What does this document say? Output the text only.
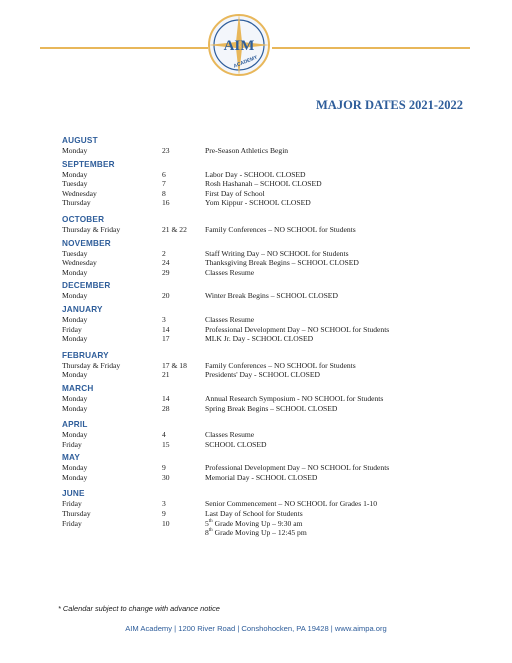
AIM
ACADEMY
MAJOR DATES 2021-2022
AUGUST
Monday	23	Pre-Season Athletics Begin
SEPTEMBER
Monday	6	Labor Day - SCHOOL CLOSED
Tuesday	7	Rosh Hashanah – SCHOOL CLOSED
Wednesday	8	First Day of School
Thursday	16	Yom Kippur - SCHOOL CLOSED
OCTOBER
Thursday & Friday	21 & 22 Family Conferences – NO SCHOOL for Students
NOVEMBER
Tuesday	2	Staff Writing Day – NO SCHOOL for Students
Wednesday	24	Thanksgiving Break Begins – SCHOOL CLOSED
Monday	29	Classes Resume
DECEMBER
Monday	20	Winter Break Begins – SCHOOL CLOSED
JANUARY
Monday	3	Classes Resume
Friday	14	Professional Development Day – NO SCHOOL for Students
Monday	17	MLK Jr. Day - SCHOOL CLOSED
FEBRUARY
Thursday & Friday	17 & 18 Family Conferences – NO SCHOOL for Students
Monday	21	Presidents' Day - SCHOOL CLOSED
MARCH
Monday	14	Annual Research Symposium - NO SCHOOL for Students
Monday	28	Spring Break Begins – SCHOOL CLOSED
APRIL
Monday	4	Classes Resume
Friday	15	SCHOOL CLOSED
MAY
Monday	9	Professional Development Day – NO SCHOOL for Students
Monday	30	Memorial Day - SCHOOL CLOSED
JUNE
Friday	3	Senior Commencement – NO SCHOOL for Grades 1-10
Thursday	9	Last Day of School for Students
Friday	10	5th Grade Moving Up – 9:30 am
8th Grade Moving Up – 12:45 pm
* Calendar subject to change with advance notice
AIM Academy | 1200 River Road | Conshohocken, PA 19428 | www.aimpa.org
